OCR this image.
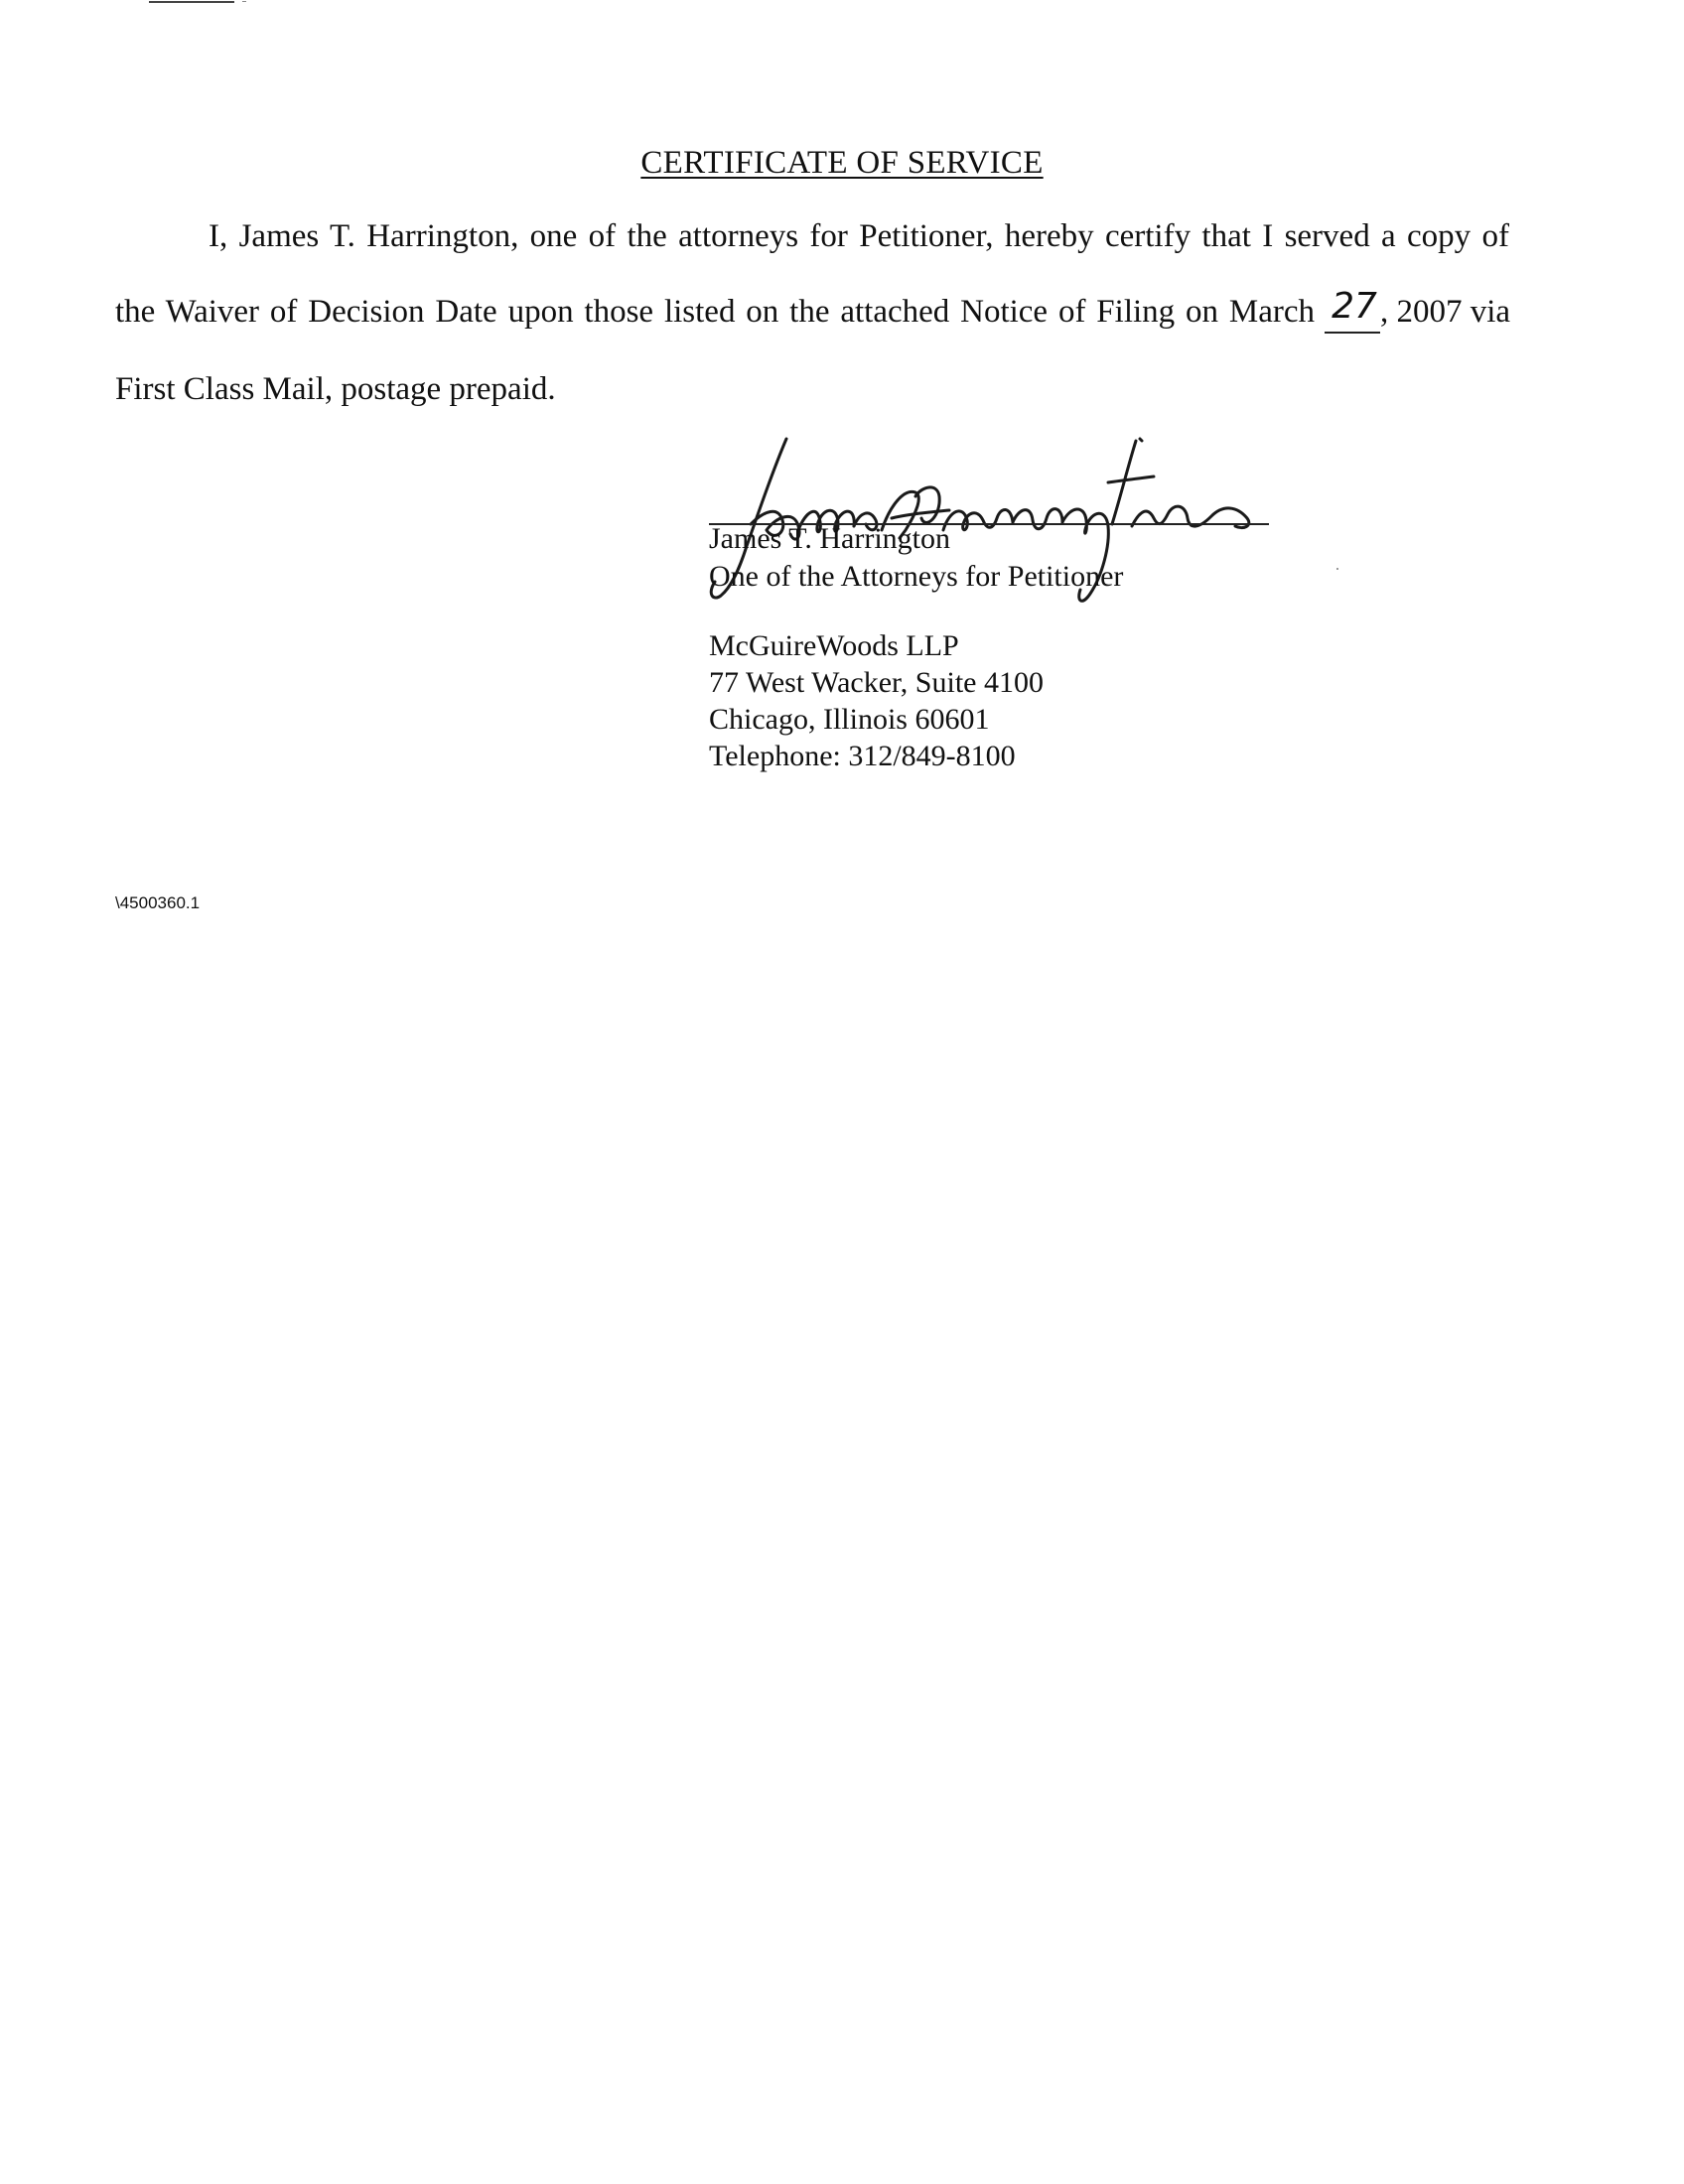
CERTIFICATE OF SERVICE
I, James T. Harrington, one of the attorneys for Petitioner, hereby certify that I served a copy of
the Waiver of Decision Date upon those listed on the attached Notice of Filing on March 27 , 2007 via
First Class Mail, postage prepaid.
James T. Harrington
One of the Attorneys for Petitioner
McGuireWoods LLP
77 West Wacker, Suite 4100
Chicago, Illinois 60601
Telephone: 312/849-8100
\4500360.1
